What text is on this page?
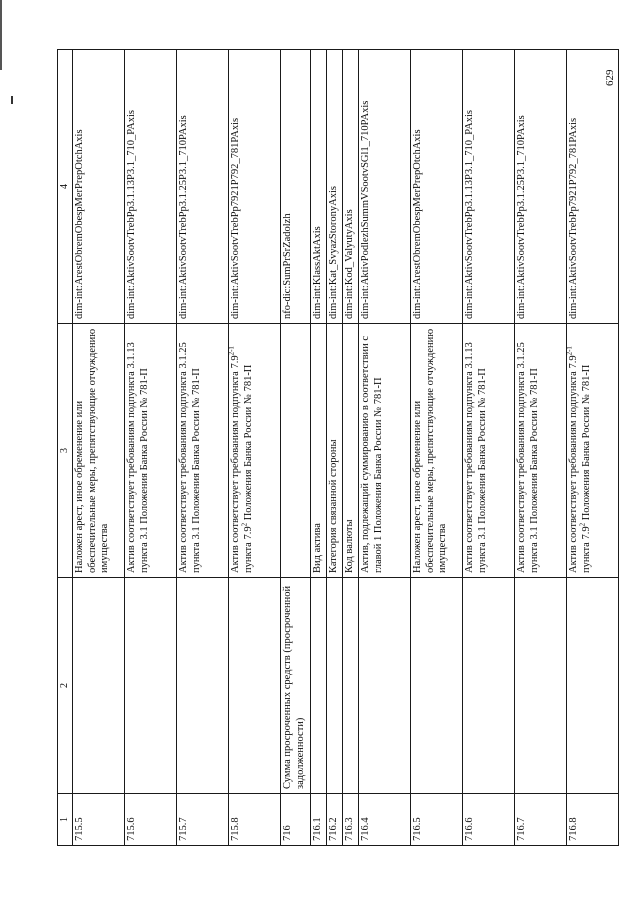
629
1	2	3	4
715.5		Наложен арест, иное обременение или обеспечительные меры, препятствующие отчуждению имущества	dim-int:ArestObremObespMerPrepOtchAxis
715.6		Актив соответствует требованиям подпункта 3.1.13 пункта 3.1 Положения Банка России № 781-П	dim-int:AktivSootvTrebPp3.1.13P3.1_710_PAxis
715.7		Актив соответствует требованиям подпункта 3.1.25 пункта 3.1 Положения Банка России № 781-П	dim-int:AktivSootvTrebPp3.1.25P3.1_710PAxis
715.8		Актив соответствует требованиям подпункта 7.9$^{2-1}$ пункта $7.9^2$ Положения Банка России № 781-П	dim-int:AktivSootvTrebPp7921P792_781PAxis
716	Сумма просроченных средств (просроченной задолженности)		nfo-dic:SumPrSrZadolzh
716.1		Вид актива	dim-int:KlassAktAxis
716.2		Категория связанной стороны	dim-int:Kat_SvyazStoronyAxis
716.3		Код валюты	dim-int:Kod_ValyutyAxis
716.4		Актив, подлежащий суммированию в соответствии с главой 1 Положения Банка России № 781-П	dim-int:AktivPodlezhSummVSootvSGl1_710PAxis
716.5		Наложен арест, иное обременение или обеспечительные меры, препятствующие отчуждению имущества	dim-int:ArestObremObespMerPrepOtchAxis
716.6		Актив соответствует требованиям подпункта 3.1.13 пункта 3.1 Положения Банка России № 781-П	dim-int:AktivSootvTrebPp3.1.13P3.1_710_PAxis
716.7		Актив соответствует требованиям подпункта 3.1.25 пункта 3.1 Положения Банка России № 781-П	dim-int:AktivSootvTrebPp3.1.25P3.1_710PAxis
716.8		Актив соответствует требованиям подпункта 7.9$^{2-1}$ пункта $7.9^2$ Положения Банка России № 781-П	dim-int:AktivSootvTrebPp7921P792_781PAxis
